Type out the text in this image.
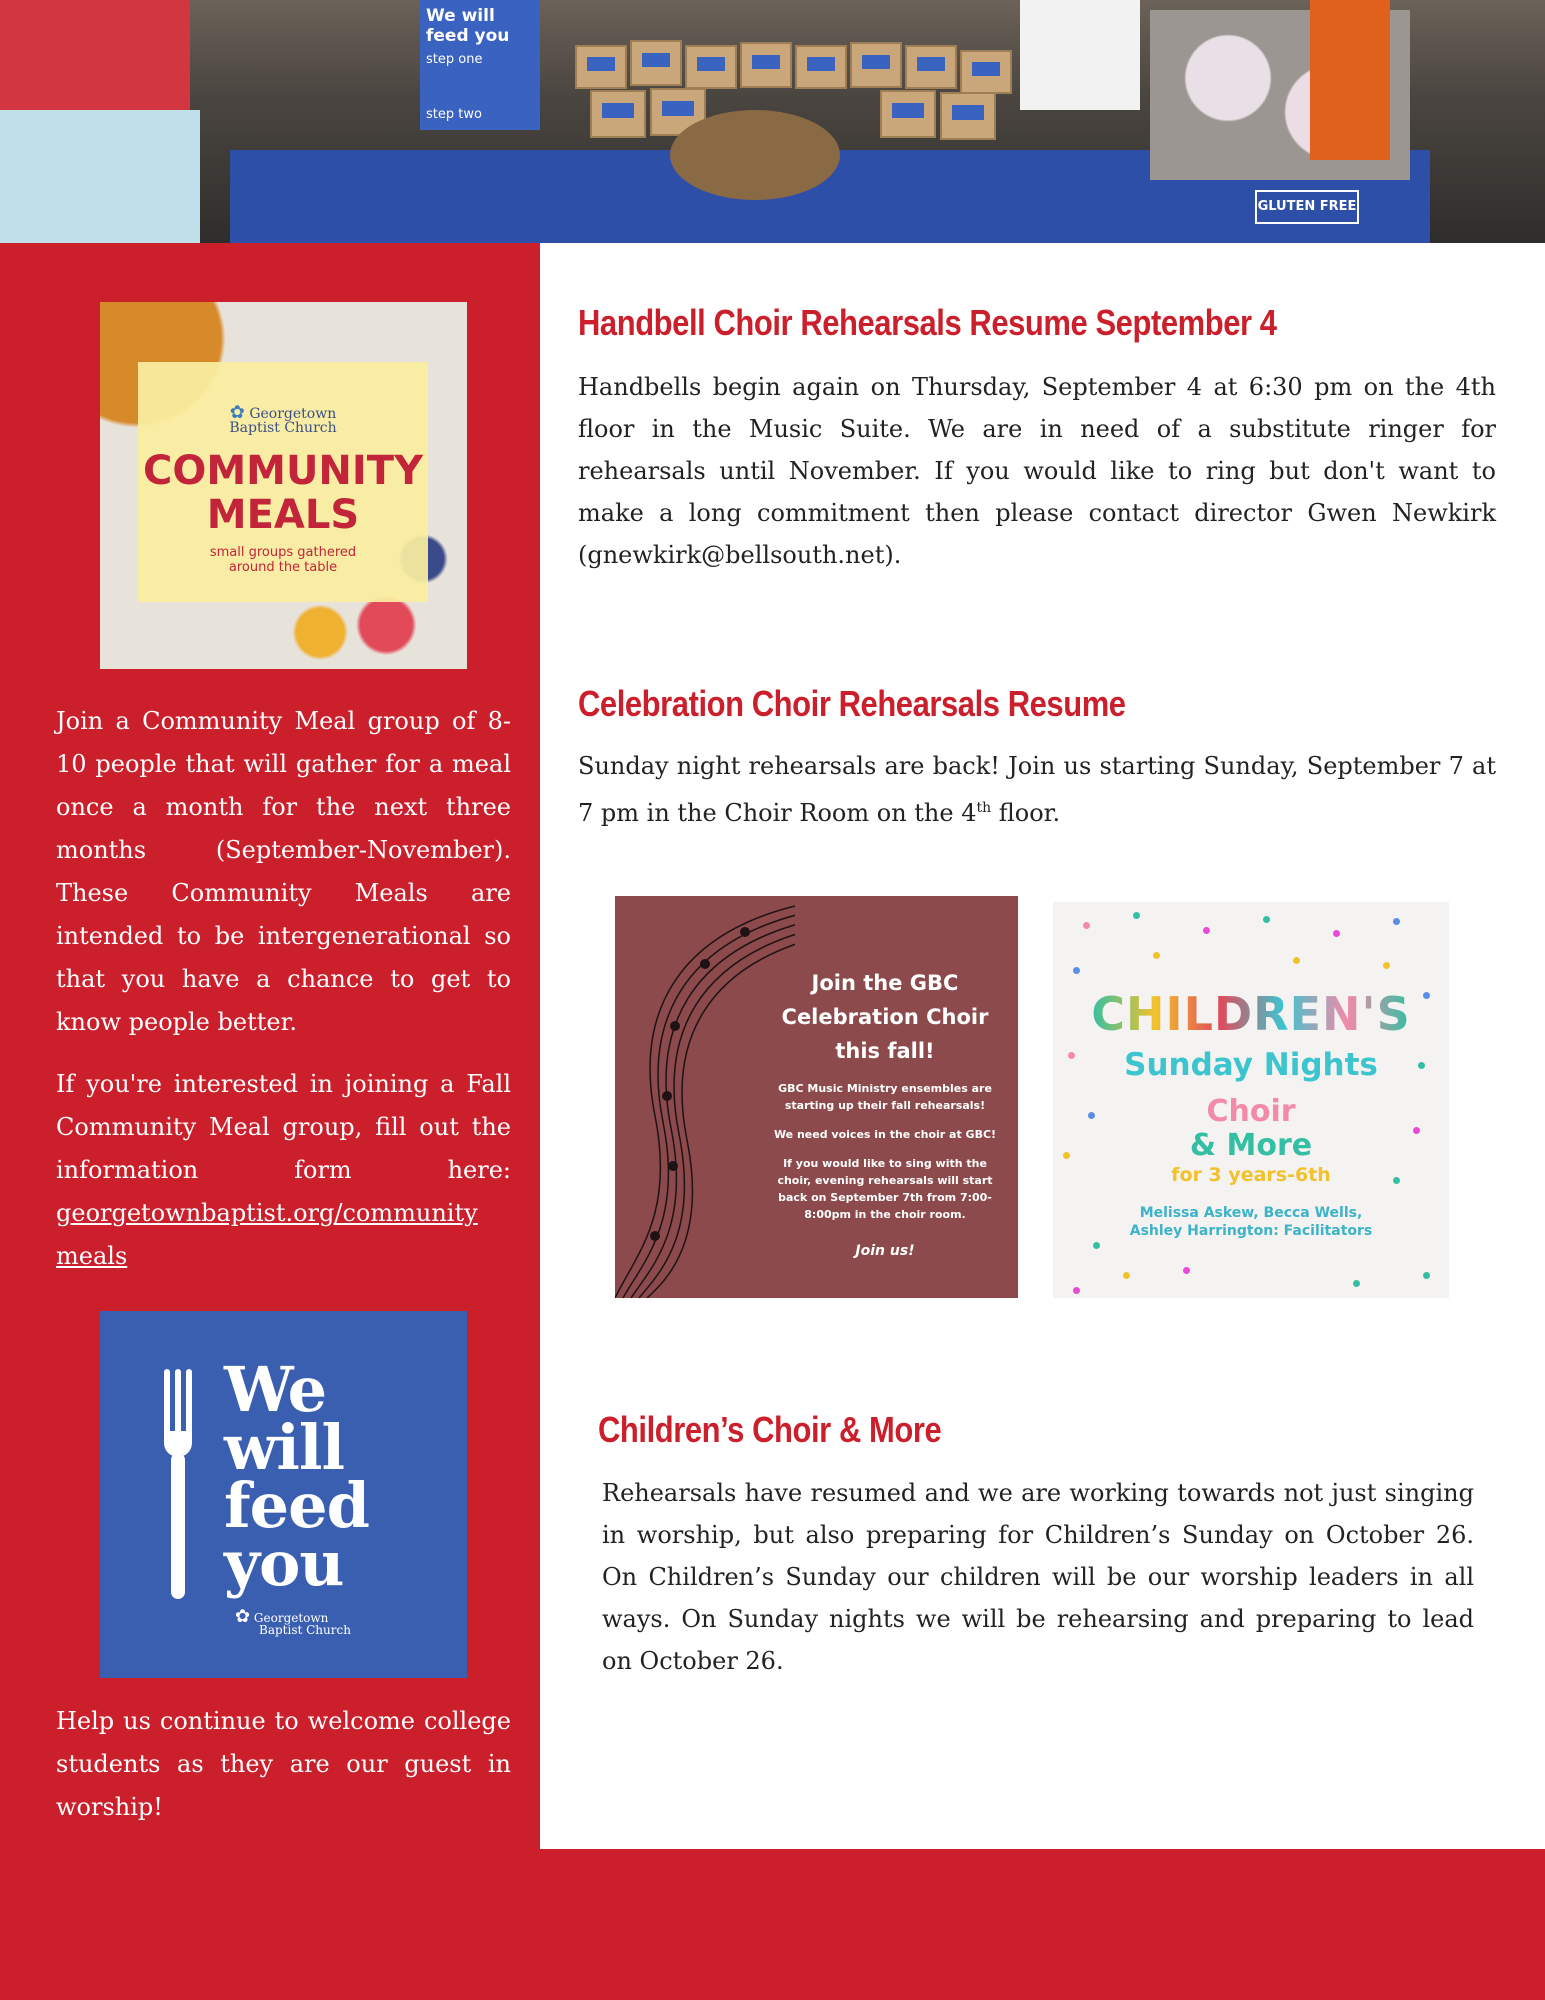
We will feed you
step one
step two
GLUTEN FREE
✿ Georgetown
Baptist Church
COMMUNITY
MEALS
small groups gathered
around the table

Join a Community Meal group of 8-10 people that will gather for a meal once a month for the next three months (September-November). These Community Meals are intended to be intergenerational so that you have a chance to get to know people better.

If you're interested in joining a Fall Community Meal group, fill out the information form here: georgetownbaptist.org/community
meals

We
will
feed
you
✿ Georgetown
Baptist Church

Help us continue to welcome college students as they are our guest in worship!

Handbell Choir Rehearsals Resume September 4

Handbells begin again on Thursday, September 4 at 6:30 pm on the 4th floor in the Music Suite. We are in need of a substitute ringer for rehearsals until November. If you would like to ring but don't want to make a long commitment then please contact director Gwen Newkirk (gnewkirk@bellsouth.net).

Celebration Choir Rehearsals Resume

Sunday night rehearsals are back! Join us starting Sunday, September 7 at 7 pm in the Choir Room on the 4th floor.

Join the GBC Celebration Choir this fall!
GBC Music Ministry ensembles are starting up their fall rehearsals!
We need voices in the choir at GBC!
If you would like to sing with the choir, evening rehearsals will start back on September 7th from 7:00-8:00pm in the choir room.
Join us!
CHILDREN'S
Sunday Nights
Choir
& More
for 3 years-6th
Melissa Askew, Becca Wells, Ashley Harrington: Facilitators
Children’s Choir & More

Rehearsals have resumed and we are working towards not just singing in worship, but also preparing for Children’s Sunday on October 26. On Children’s Sunday our children will be our worship leaders in all ways. On Sunday nights we will be rehearsing and preparing to lead on October 26.
